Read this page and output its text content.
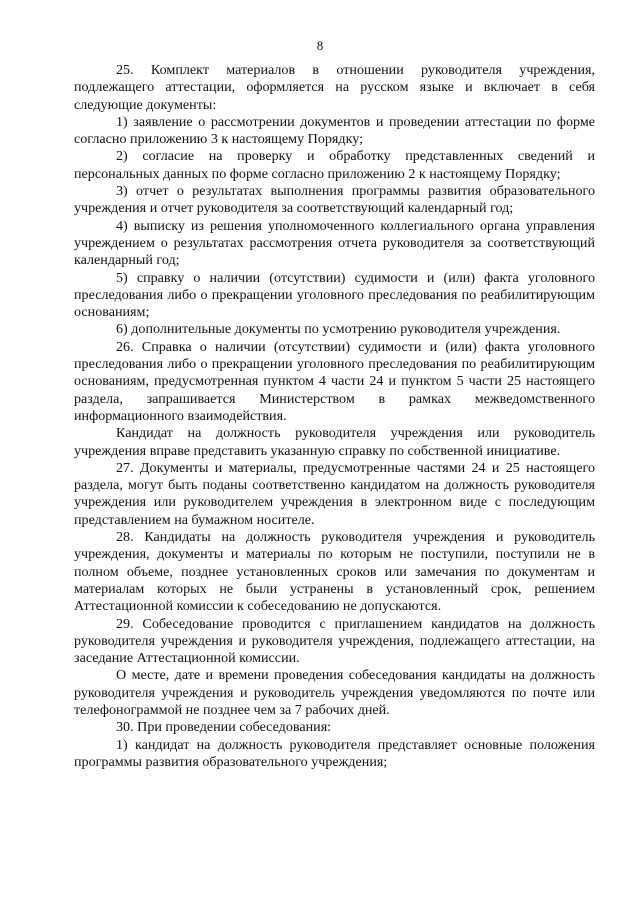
8

25. Комплект материалов в отношении руководителя учреждения, подлежащего аттестации, оформляется на русском языке и включает в себя следующие документы:

1) заявление о рассмотрении документов и проведении аттестации по форме согласно приложению 3 к настоящему Порядку;

2) согласие на проверку и обработку представленных сведений и персональных данных по форме согласно приложению 2 к настоящему Порядку;

3) отчет о результатах выполнения программы развития образовательного учреждения и отчет руководителя за соответствующий календарный год;

4) выписку из решения уполномоченного коллегиального органа управления учреждением о результатах рассмотрения отчета руководителя за соответствующий календарный год;

5) справку о наличии (отсутствии) судимости и (или) факта уголовного преследования либо о прекращении уголовного преследования по реабилитирующим основаниям;

6) дополнительные документы по усмотрению руководителя учреждения.

26. Справка о наличии (отсутствии) судимости и (или) факта уголовного преследования либо о прекращении уголовного преследования по реабилитирующим основаниям, предусмотренная пунктом 4 части 24 и пунктом 5 части 25 настоящего раздела, запрашивается Министерством в рамках межведомственного информационного взаимодействия.

Кандидат на должность руководителя учреждения или руководитель учреждения вправе представить указанную справку по собственной инициативе.

27. Документы и материалы, предусмотренные частями 24 и 25 настоящего раздела, могут быть поданы соответственно кандидатом на должность руководителя учреждения или руководителем учреждения в электронном виде с последующим представлением на бумажном носителе.

28. Кандидаты на должность руководителя учреждения и руководитель учреждения, документы и материалы по которым не поступили, поступили не в полном объеме, позднее установленных сроков или замечания по документам и материалам которых не были устранены в установленный срок, решением Аттестационной комиссии к собеседованию не допускаются.

29. Собеседование проводится с приглашением кандидатов на должность руководителя учреждения и руководителя учреждения, подлежащего аттестации, на заседание Аттестационной комиссии.

О месте, дате и времени проведения собеседования кандидаты на должность руководителя учреждения и руководитель учреждения уведомляются по почте или телефонограммой не позднее чем за 7 рабочих дней.

30. При проведении собеседования:

1) кандидат на должность руководителя представляет основные положения программы развития образовательного учреждения;
